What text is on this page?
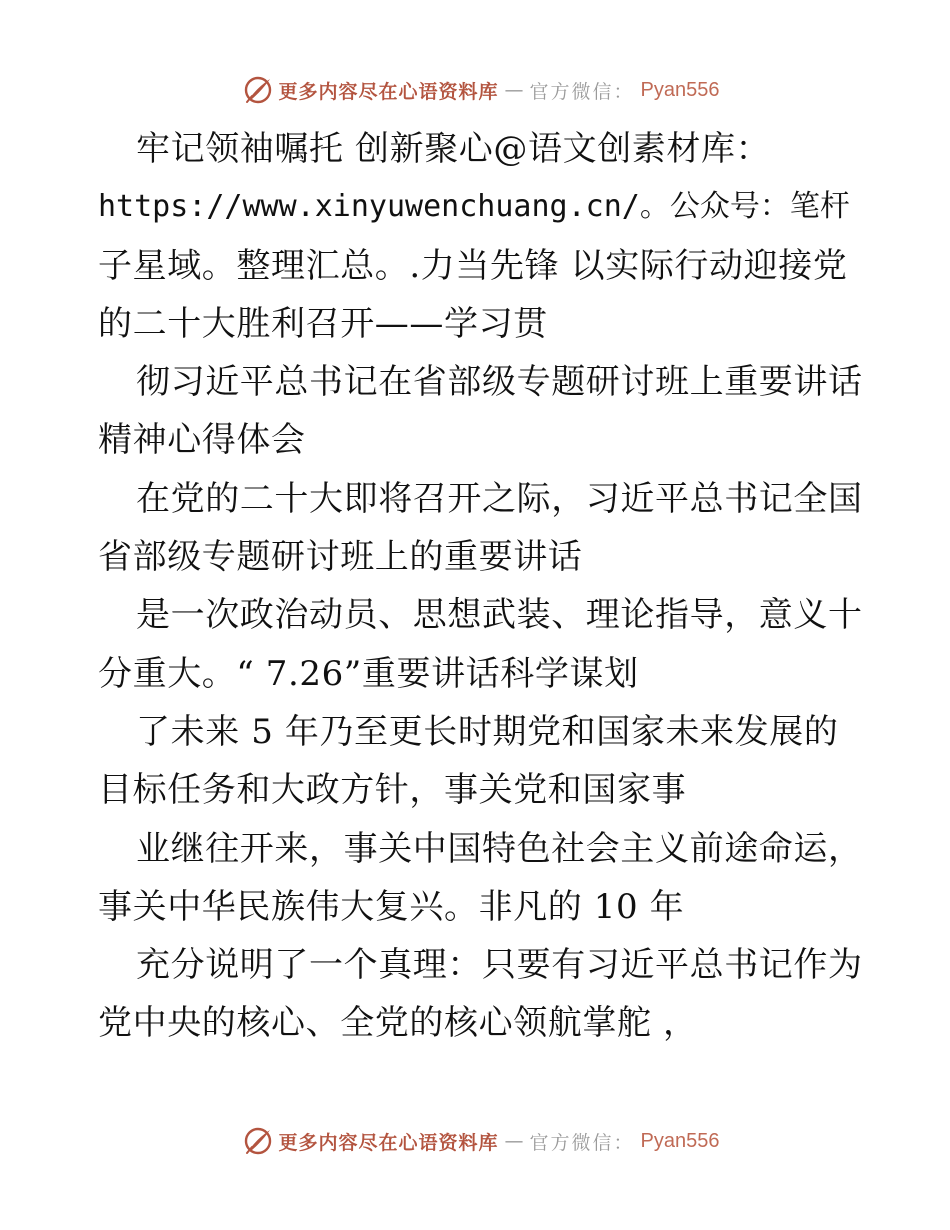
更多内容尽在心语资料库 — 官方微信： Pyan556
牢记领袖嘱托 创新聚心@语文创素材库：
https://www.xinyuwenchuang.cn/。公众号：笔杆
子星域。整理汇总。.力当先锋 以实际行动迎接党
的二十大胜利召开——学习贯
彻习近平总书记在省部级专题研讨班上重要讲话
精神心得体会
在党的二十大即将召开之际，习近平总书记全国
省部级专题研讨班上的重要讲话
是一次政治动员、思想武装、理论指导，意义十
分重大。“ 7.26”重要讲话科学谋划
了未来 5 年乃至更长时期党和国家未来发展的
目标任务和大政方针，事关党和国家事
业继往开来，事关中国特色社会主义前途命运，
事关中华民族伟大复兴。非凡的 10 年
充分说明了一个真理：只要有习近平总书记作为
党中央的核心、全党的核心领航掌舵 ，
更多内容尽在心语资料库 — 官方微信： Pyan556
